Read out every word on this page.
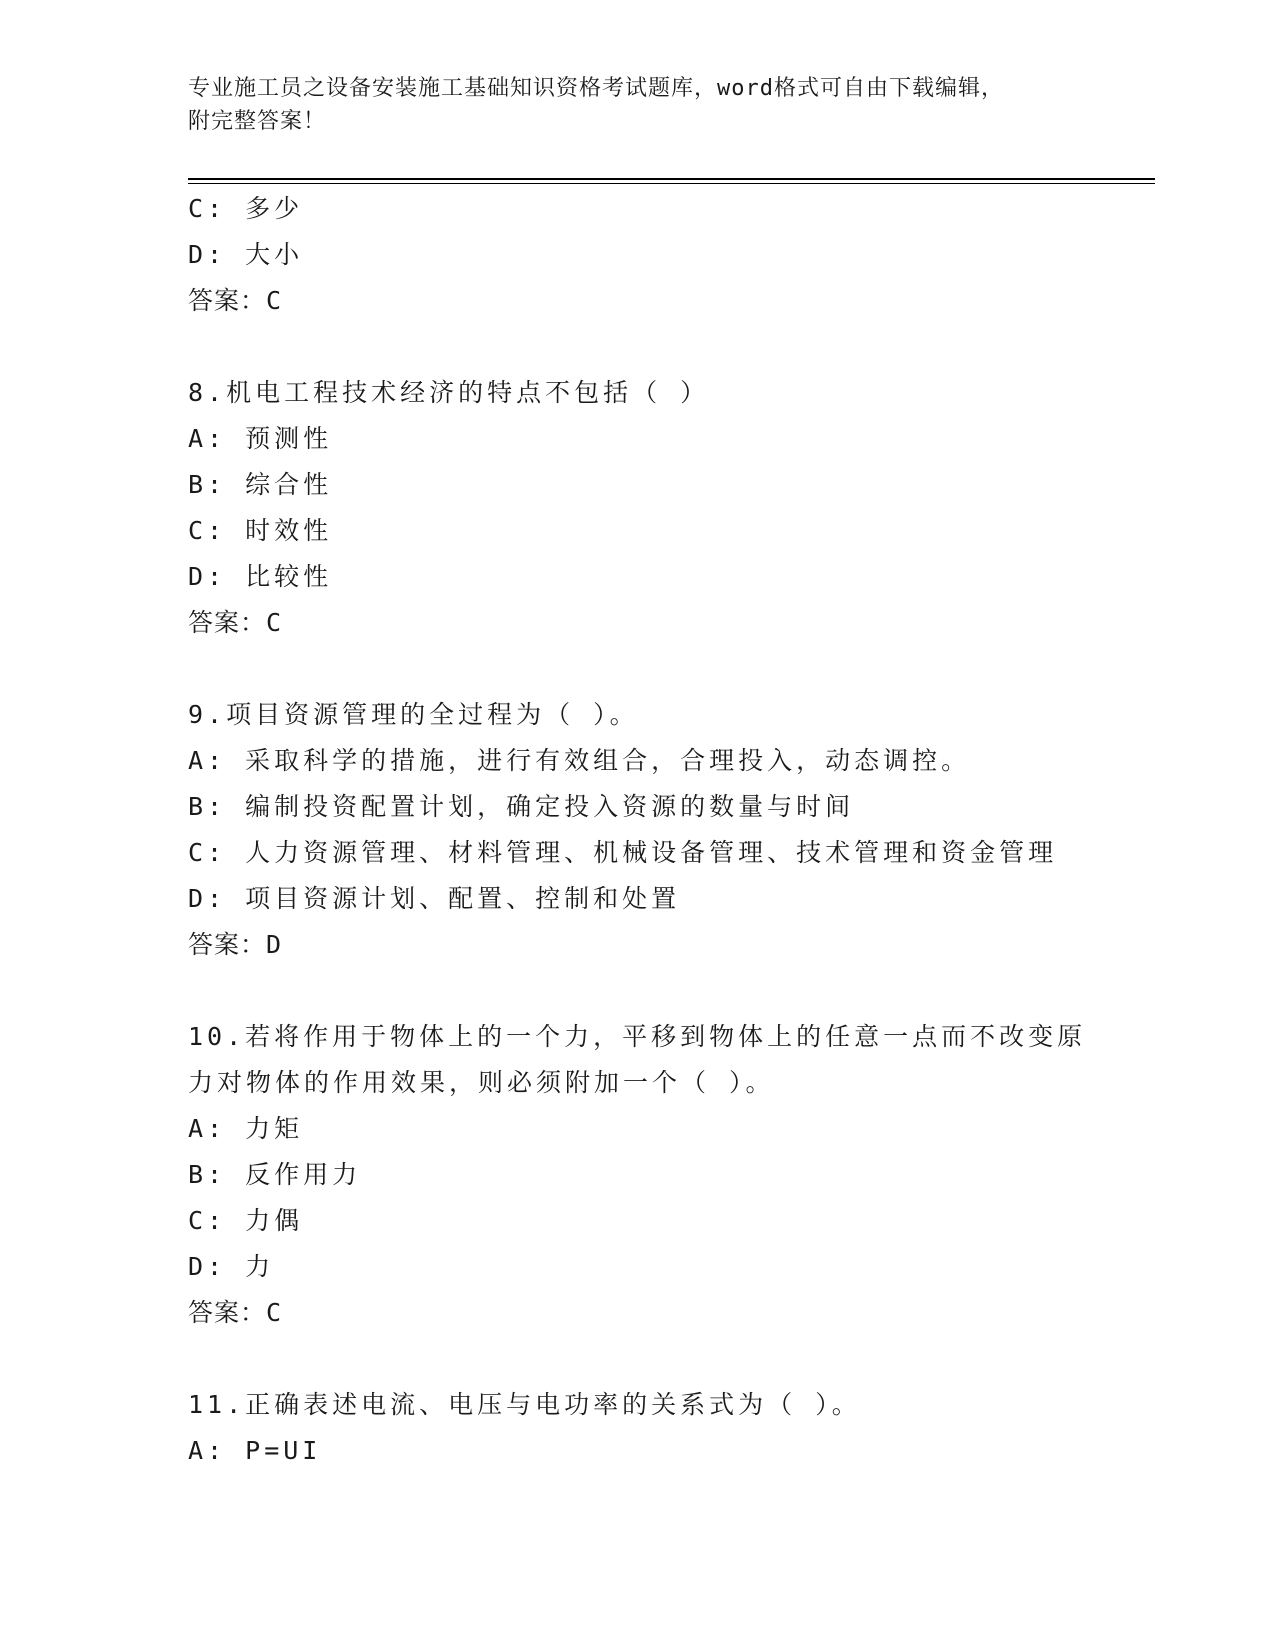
专业施工员之设备安装施工基础知识资格考试题库，word格式可自由下载编辑，
附完整答案！
C: 多少
D: 大小
答案：C
8.机电工程技术经济的特点不包括（ ）
A: 预测性
B: 综合性
C: 时效性
D: 比较性
答案：C
9.项目资源管理的全过程为（ ）。
A: 采取科学的措施，进行有效组合，合理投入，动态调控。
B: 编制投资配置计划，确定投入资源的数量与时间
C: 人力资源管理、材料管理、机械设备管理、技术管理和资金管理
D: 项目资源计划、配置、控制和处置
答案：D
10.若将作用于物体上的一个力，平移到物体上的任意一点而不改变原
力对物体的作用效果，则必须附加一个（ ）。
A: 力矩
B: 反作用力
C: 力偶
D: 力
答案：C
11.正确表述电流、电压与电功率的关系式为（ ）。
A: P=UI
